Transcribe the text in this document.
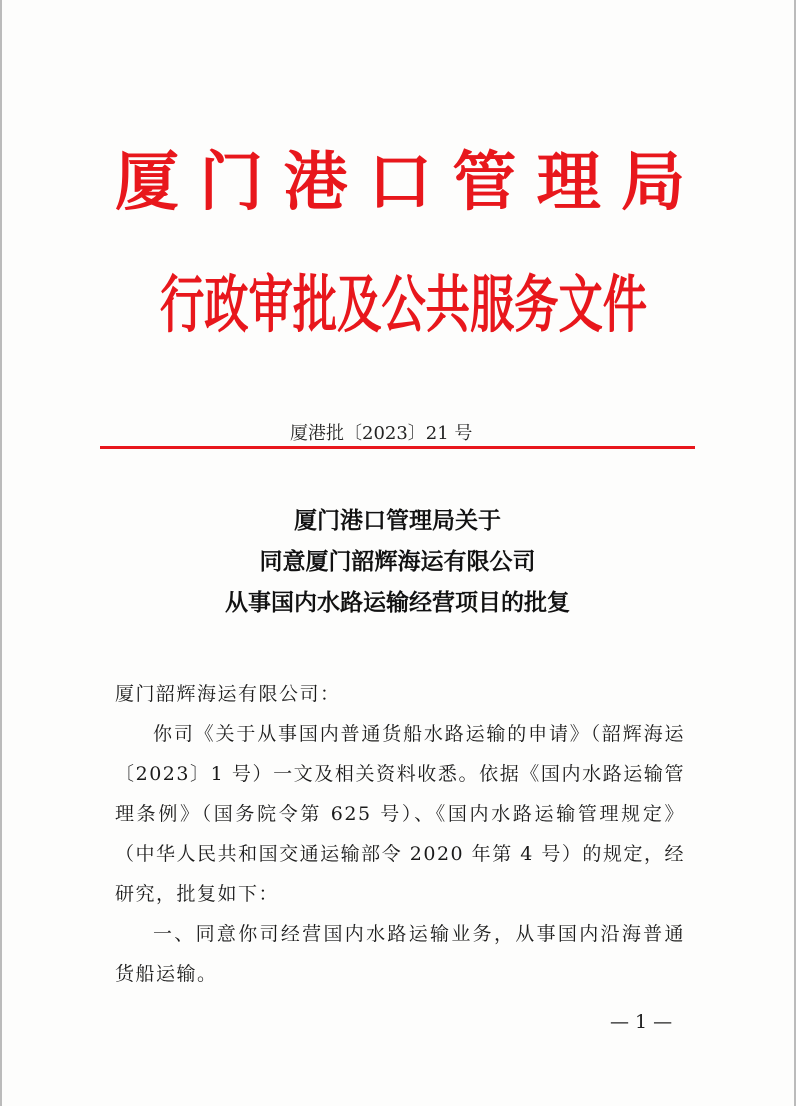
厦 门 港 口 管 理 局
行 政 审 批 及 公 共 服 务 文 件
厦港批〔2023〕21 号
厦门港口管理局关于
同意厦门韶辉海运有限公司
从事国内水路运输经营项目的批复

厦门韶辉海运有限公司：

你司《关于从事国内普通货船水路运输的申请》（韶辉海运〔2023〕1 号）一文及相关资料收悉。依据《国内水路运输管理条例》（国务院令第 625 号）、《国内水路运输管理规定》（中华人民共和国交通运输部令 2020 年第 4 号）的规定，经研究，批复如下：

一、同意你司经营国内水路运输业务，从事国内沿海普通货船运输。

— 1 —
